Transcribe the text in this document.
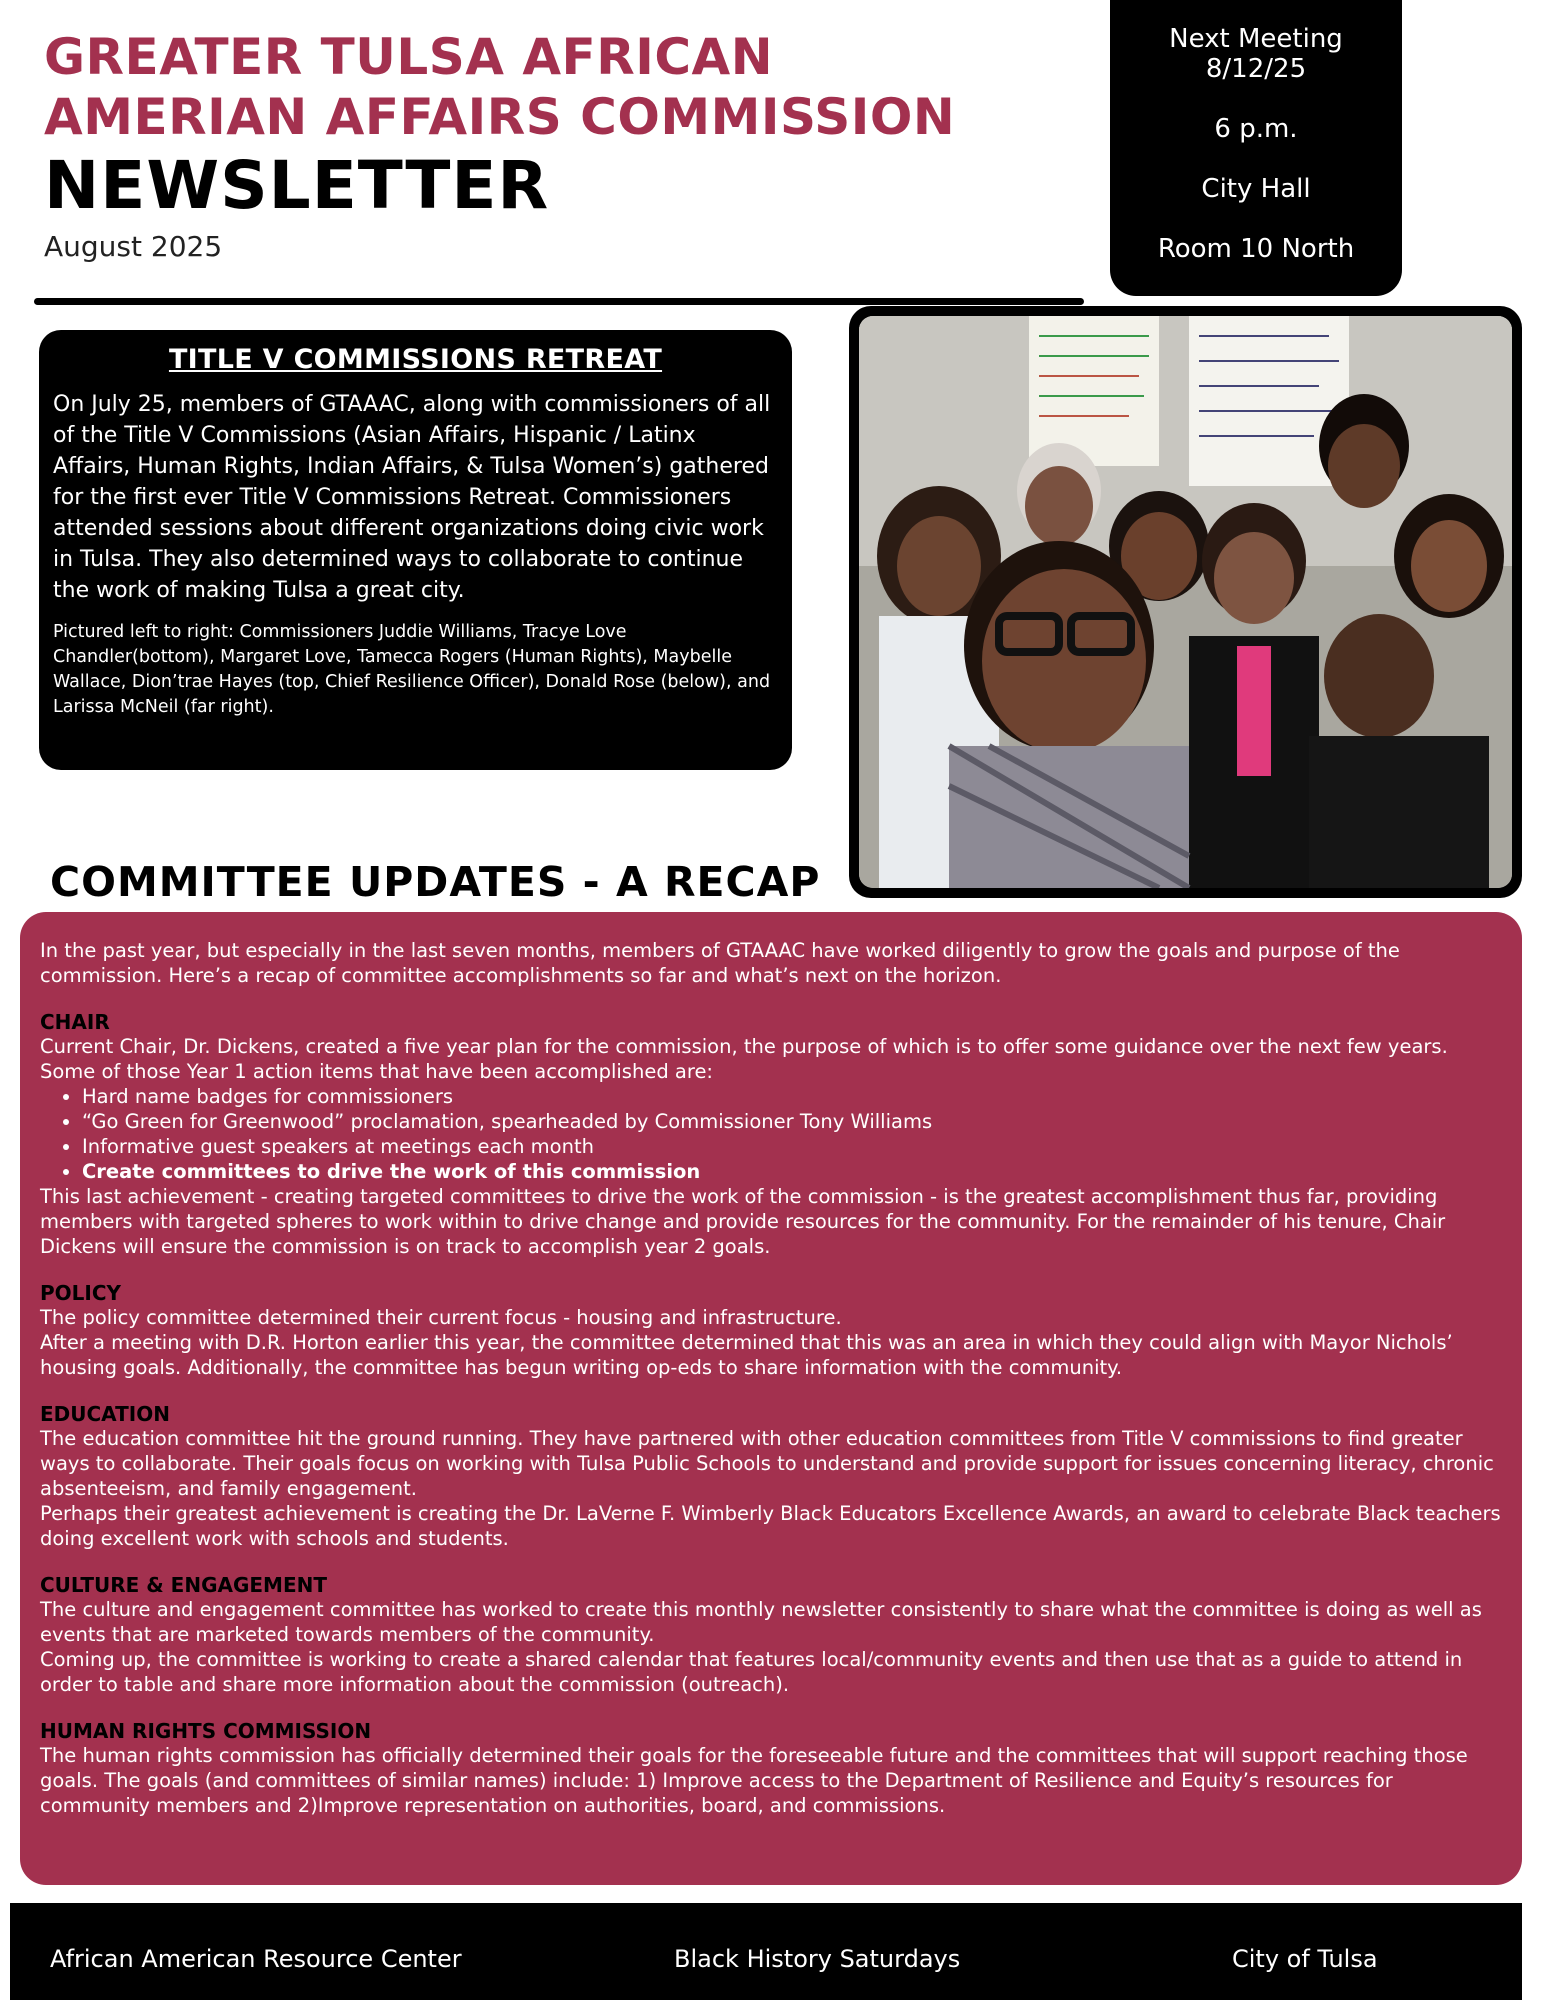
GREATER TULSA AFRICAN
AMERIAN AFFAIRS COMMISSION
NEWSLETTER
August 2025
Next Meeting
8/12/25
6 p.m.
City Hall
Room 10 North
TITLE V COMMISSIONS RETREAT
On July 25, members of GTAAAC, along with commissioners of all of the Title V Commissions (Asian Affairs, Hispanic / Latinx Affairs, Human Rights, Indian Affairs, & Tulsa Women’s) gathered for the first ever Title V Commissions Retreat. Commissioners attended sessions about different organizations doing civic work in Tulsa. They also determined ways to collaborate to continue the work of making Tulsa a great city.
Pictured left to right: Commissioners Juddie Williams, Tracye Love Chandler(bottom), Margaret Love, Tamecca Rogers (Human Rights), Maybelle Wallace, Dion’trae Hayes (top, Chief Resilience Officer), Donald Rose (below), and Larissa McNeil (far right).
COMMITTEE UPDATES - A RECAP
In the past year, but especially in the last seven months, members of GTAAAC have worked diligently to grow the goals and purpose of the commission. Here’s a recap of committee accomplishments so far and what’s next on the horizon.
CHAIR
Current Chair, Dr. Dickens, created a five year plan for the commission, the purpose of which is to offer some guidance over the next few years. Some of those Year 1 action items that have been accomplished are:
• Hard name badges for commissioners
• “Go Green for Greenwood” proclamation, spearheaded by Commissioner Tony Williams
• Informative guest speakers at meetings each month
• Create committees to drive the work of this commission
This last achievement - creating targeted committees to drive the work of the commission - is the greatest accomplishment thus far, providing members with targeted spheres to work within to drive change and provide resources for the community. For the remainder of his tenure, Chair Dickens will ensure the commission is on track to accomplish year 2 goals.
POLICY
The policy committee determined their current focus - housing and infrastructure.
After a meeting with D.R. Horton earlier this year, the committee determined that this was an area in which they could align with Mayor Nichols’ housing goals. Additionally, the committee has begun writing op-eds to share information with the community.
EDUCATION
The education committee hit the ground running. They have partnered with other education committees from Title V commissions to find greater ways to collaborate. Their goals focus on working with Tulsa Public Schools to understand and provide support for issues concerning literacy, chronic absenteeism, and family engagement.
Perhaps their greatest achievement is creating the Dr. LaVerne F. Wimberly Black Educators Excellence Awards, an award to celebrate Black teachers doing excellent work with schools and students.
CULTURE & ENGAGEMENT
The culture and engagement committee has worked to create this monthly newsletter consistently to share what the committee is doing as well as events that are marketed towards members of the community.
Coming up, the committee is working to create a shared calendar that features local/community events and then use that as a guide to attend in order to table and share more information about the commission (outreach).
HUMAN RIGHTS COMMISSION
The human rights commission has officially determined their goals for the foreseeable future and the committees that will support reaching those goals. The goals (and committees of similar names) include: 1) Improve access to the Department of Resilience and Equity’s resources for community members and 2)Improve representation on authorities, board, and commissions.
African American Resource Center	Black History Saturdays	City of Tulsa
